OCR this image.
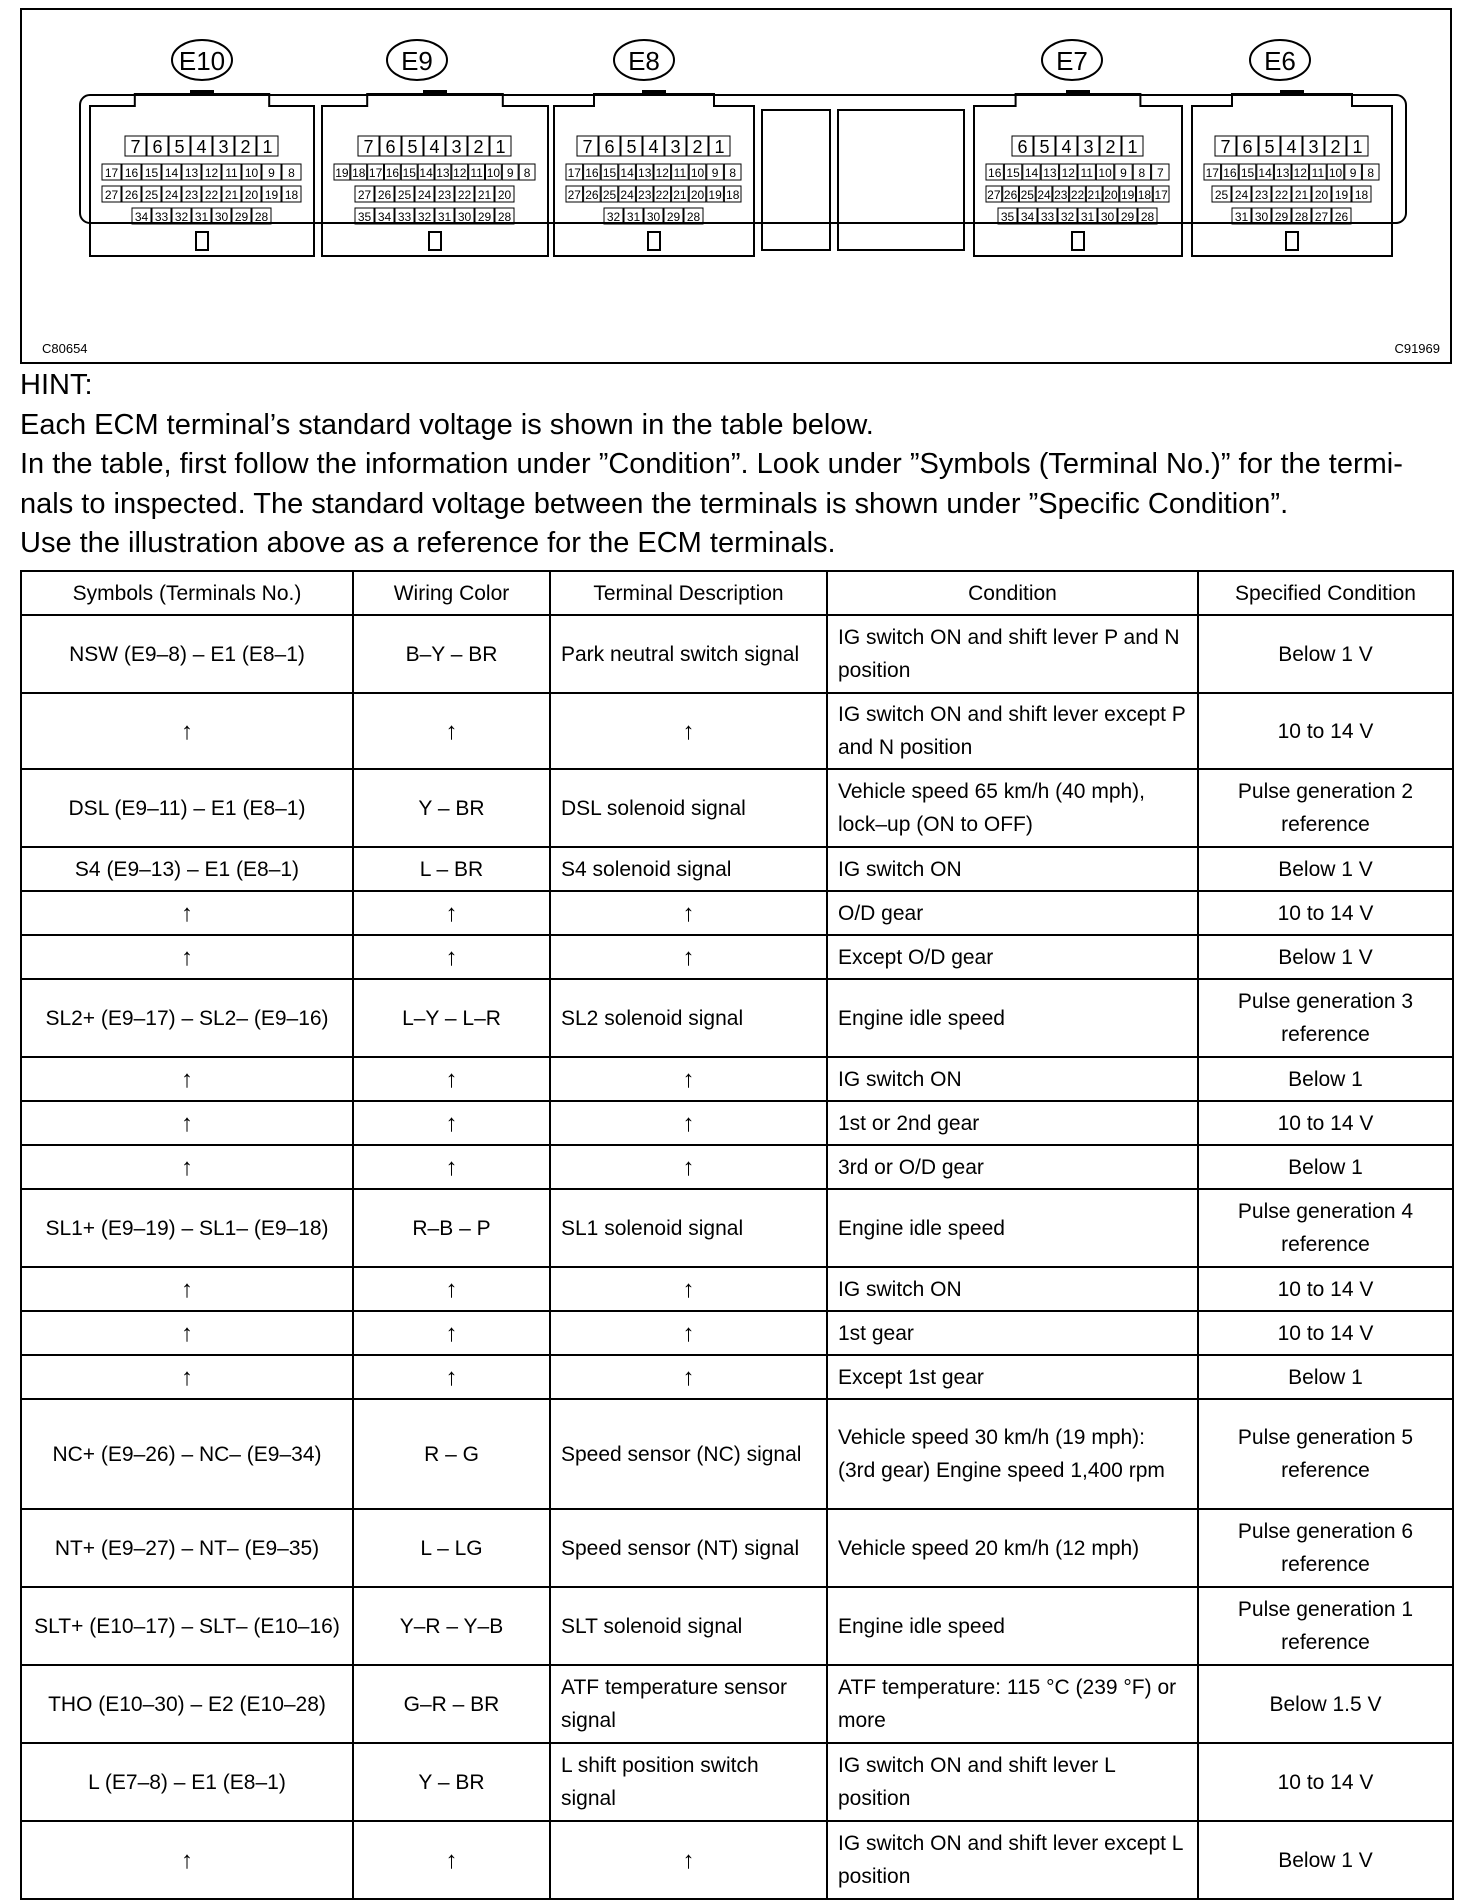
E10
7 6 5 4 3 2 1
17 16 15 14 13 12 11 10 9 8
27 26 25 24 23 22 21 20 19 18
34 33 32 31 30 29 28
E9
7 6 5 4 3 2 1
19 18 17 16 15 14 13 12 11 10 9 8
27 26 25 24 23 22 21 20
35 34 33 32 31 30 29 28
E8
7 6 5 4 3 2 1
17 16 15 14 13 12 11 10 9 8
27 26 25 24 23 22 21 20 19 18
32 31 30 29 28
E7
6 5 4 3 2 1
16 15 14 13 12 11 10 9 8 7
27 26 25 24 23 22 21 20 19 18 17
35 34 33 32 31 30 29 28
E6
7 6 5 4 3 2 1
17 16 15 14 13 12 11 10 9 8
25 24 23 22 21 20 19 18
31 30 29 28 27 26
C80654	C91969
HINT:
Each ECM terminal’s standard voltage is shown in the table below.
In the table, first follow the information under ”Condition”. Look under ”Symbols (Terminal No.)” for the termi-
nals to inspected. The standard voltage between the terminals is shown under ”Specific Condition”.
Use the illustration above as a reference for the ECM terminals.
Symbols (Terminals No.)	Wiring Color	Terminal Description	Condition	Specified Condition
NSW (E9–8) – E1 (E8–1)	B–Y – BR	Park neutral switch signal	IG switch ON and shift lever P and N position	Below 1 V
↑	↑	↑	IG switch ON and shift lever except P and N position	10 to 14 V
DSL (E9–11) – E1 (E8–1)	Y – BR	DSL solenoid signal	Vehicle speed 65 km/h (40 mph), lock–up (ON to OFF)	Pulse generation 2 reference
S4 (E9–13) – E1 (E8–1)	L – BR	S4 solenoid signal	IG switch ON	Below 1 V
↑	↑	↑	O/D gear	10 to 14 V
↑	↑	↑	Except O/D gear	Below 1 V
SL2+ (E9–17) – SL2– (E9–16)	L–Y – L–R	SL2 solenoid signal	Engine idle speed	Pulse generation 3 reference
↑	↑	↑	IG switch ON	Below 1
↑	↑	↑	1st or 2nd gear	10 to 14 V
↑	↑	↑	3rd or O/D gear	Below 1
SL1+ (E9–19) – SL1– (E9–18)	R–B – P	SL1 solenoid signal	Engine idle speed	Pulse generation 4 reference
↑	↑	↑	IG switch ON	10 to 14 V
↑	↑	↑	1st gear	10 to 14 V
↑	↑	↑	Except 1st gear	Below 1
NC+ (E9–26) – NC– (E9–34)	R – G	Speed sensor (NC) signal	Vehicle speed 30 km/h (19 mph): (3rd gear) Engine speed 1,400 rpm	Pulse generation 5 reference
NT+ (E9–27) – NT– (E9–35)	L – LG	Speed sensor (NT) signal	Vehicle speed 20 km/h (12 mph)	Pulse generation 6 reference
SLT+ (E10–17) – SLT– (E10–16)	Y–R – Y–B	SLT solenoid signal	Engine idle speed	Pulse generation 1 reference
THO (E10–30) – E2 (E10–28)	G–R – BR	ATF temperature sensor signal	ATF temperature: 115 °C (239 °F) or more	Below 1.5 V
L (E7–8) – E1 (E8–1)	Y – BR	L shift position switch signal	IG switch ON and shift lever L position	10 to 14 V
↑	↑	↑	IG switch ON and shift lever except L position	Below 1 V
